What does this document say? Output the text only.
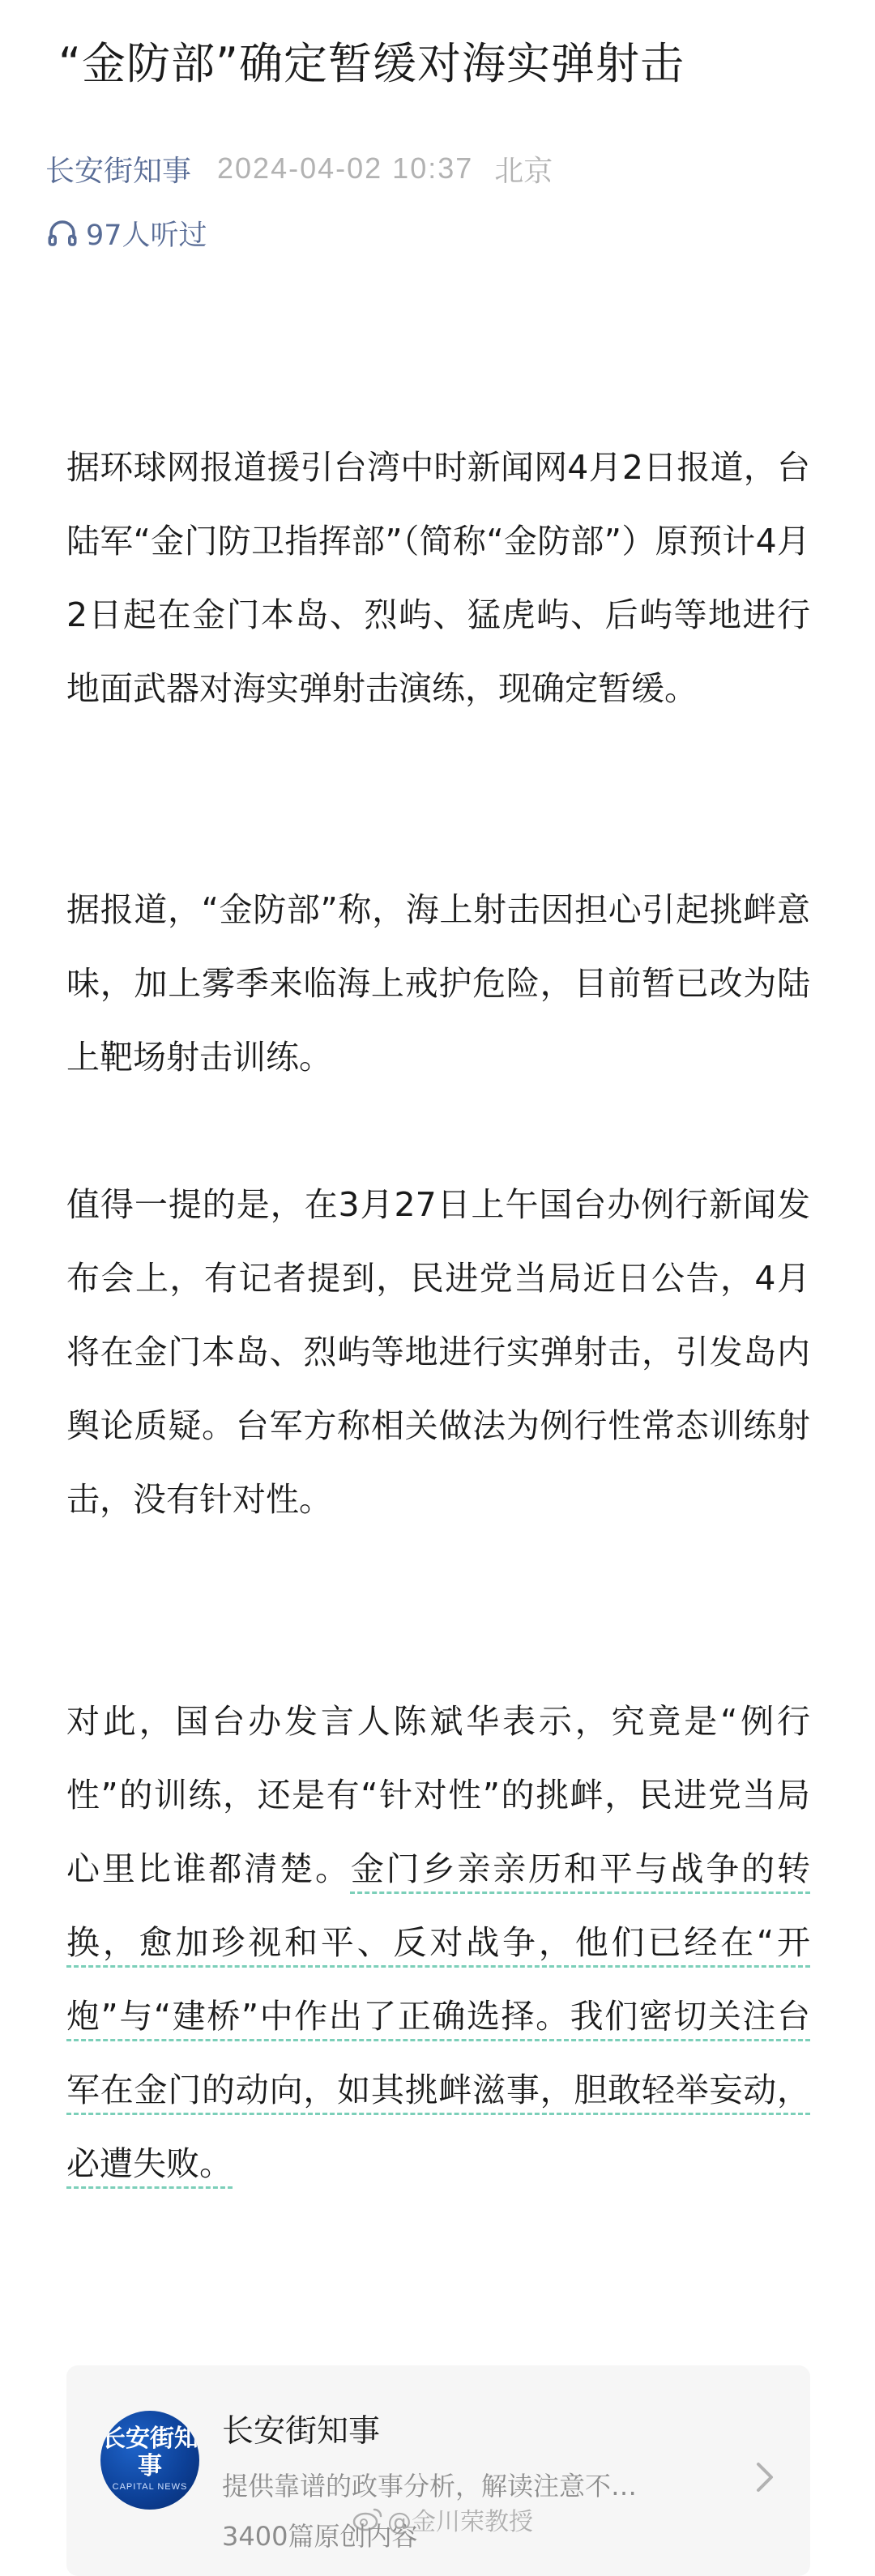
“金防部”确定暂缓对海实弹射击
长安街知事 2024-04-02 10:37 北京
97人听过
据环球网报道援引台湾中时新闻网4月2日报道，台陆军“金门防卫指挥部”（简称“金防部”）原预计4月2日起在金门本岛、烈屿、猛虎屿、后屿等地进行地面武器对海实弹射击演练，现确定暂缓。
据报道，“金防部”称，海上射击因担心引起挑衅意味，加上雾季来临海上戒护危险，目前暂已改为陆上靶场射击训练。
值得一提的是，在3月27日上午国台办例行新闻发布会上，有记者提到，民进党当局近日公告，4月将在金门本岛、烈屿等地进行实弹射击，引发岛内舆论质疑。台军方称相关做法为例行性常态训练射击，没有针对性。
对此，国台办发言人陈斌华表示，究竟是“例行性”的训练，还是有“针对性”的挑衅，民进党当局心里比谁都清楚。金门乡亲亲历和平与战争的转换，愈加珍视和平、反对战争，他们已经在“开炮”与“建桥”中作出了正确选择。我们密切关注台军在金门的动向，如其挑衅滋事，胆敢轻举妄动，必遭失败。
长安街知事
CAPITAL NEWS
长安街知事
提供靠谱的政事分析，解读注意不…
3400篇原创内容
@金川荣教授
